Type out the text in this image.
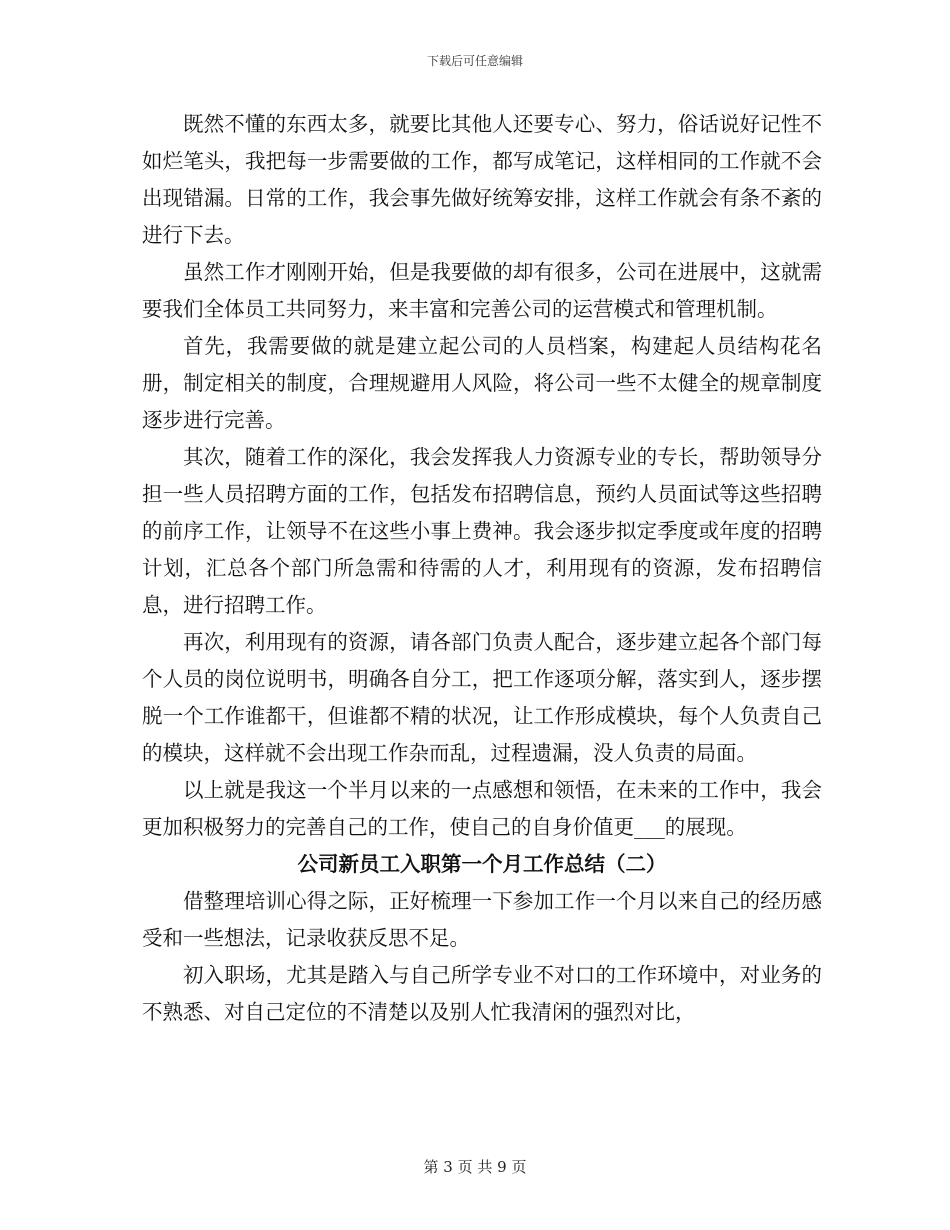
下载后可任意编辑

既然不懂的东西太多，就要比其他人还要专心、努力，俗话说好记性不如烂笔头，我把每一步需要做的工作，都写成笔记，这样相同的工作就不会出现错漏。日常的工作，我会事先做好统筹安排，这样工作就会有条不紊的进行下去。

虽然工作才刚刚开始，但是我要做的却有很多，公司在进展中，这就需要我们全体员工共同努力，来丰富和完善公司的运营模式和管理机制。

首先，我需要做的就是建立起公司的人员档案，构建起人员结构花名册，制定相关的制度，合理规避用人风险，将公司一些不太健全的规章制度逐步进行完善。

其次，随着工作的深化，我会发挥我人力资源专业的专长，帮助领导分担一些人员招聘方面的工作，包括发布招聘信息，预约人员面试等这些招聘的前序工作，让领导不在这些小事上费神。我会逐步拟定季度或年度的招聘计划，汇总各个部门所急需和待需的人才，利用现有的资源，发布招聘信息，进行招聘工作。

再次，利用现有的资源，请各部门负责人配合，逐步建立起各个部门每个人员的岗位说明书，明确各自分工，把工作逐项分解，落实到人，逐步摆脱一个工作谁都干，但谁都不精的状况，让工作形成模块，每个人负责自己的模块，这样就不会出现工作杂而乱，过程遗漏，没人负责的局面。

以上就是我这一个半月以来的一点感想和领悟，在未来的工作中，我会更加积极努力的完善自己的工作，使自己的自身价值更___的展现。

公司新员工入职第一个月工作总结（二）

借整理培训心得之际，正好梳理一下参加工作一个月以来自己的经历感受和一些想法，记录收获反思不足。

初入职场，尤其是踏入与自己所学专业不对口的工作环境中，对业务的不熟悉、对自己定位的不清楚以及别人忙我清闲的强烈对比，

第 3 页 共 9 页
